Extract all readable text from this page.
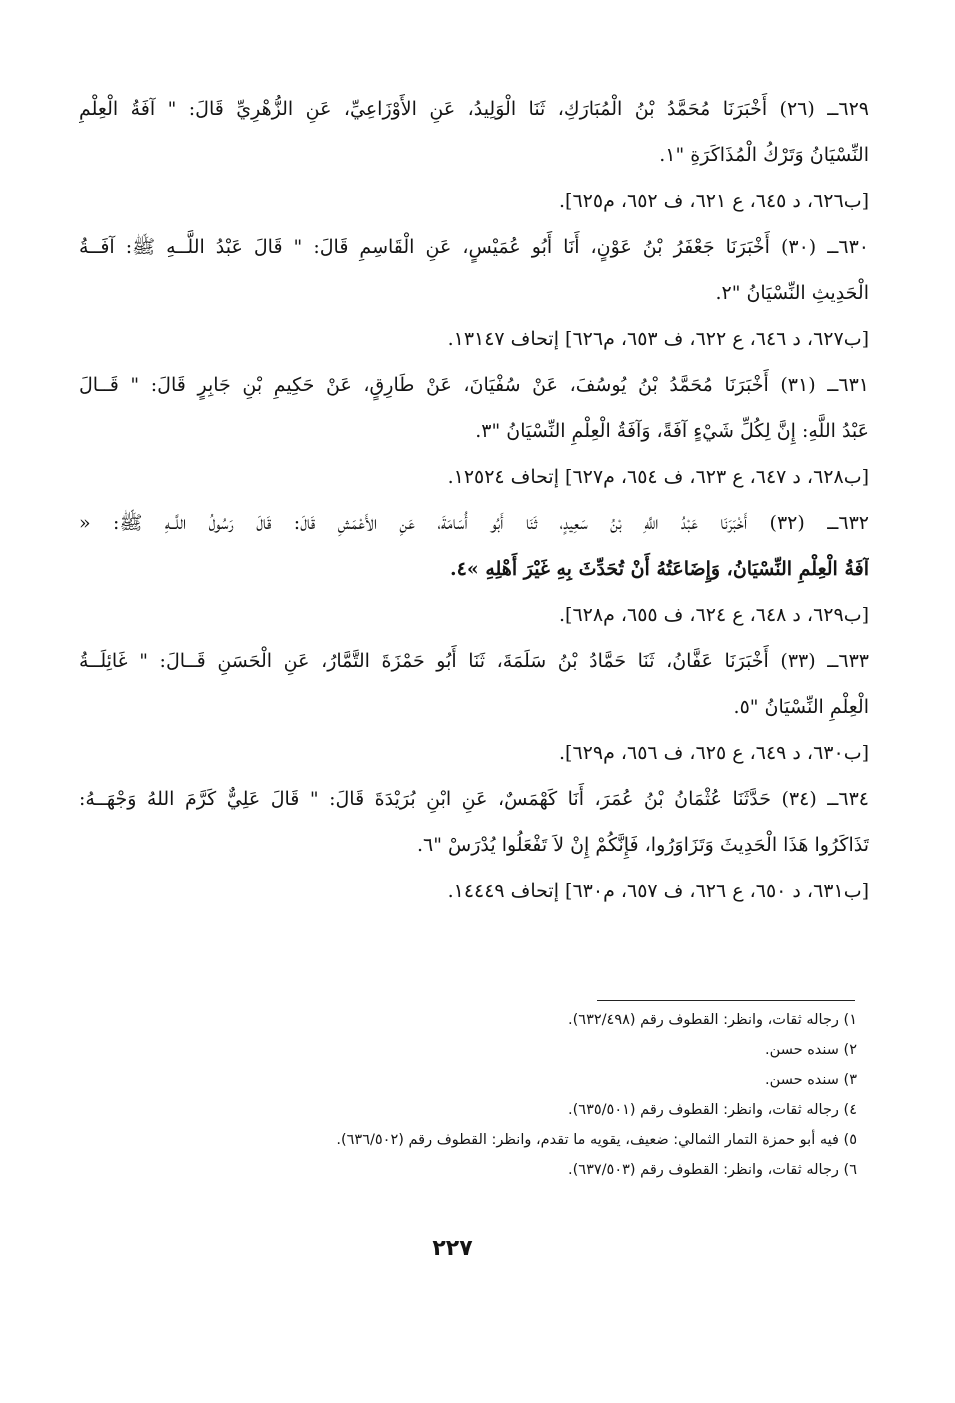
٦٢٩ــ (٢٦) أَخْبَرَنَا مُحَمَّدُ بْنُ الْمُبَارَكِ، ثَنَا الْوَلِيدُ، عَنِ الأَوْزَاعِيِّ، عَنِ الزُّهْرِيِّ قَالَ: " آفَةُ الْعِلْمِ
النِّسْيَانُ وَتَرْكُ الْمُذَاكَرَةِ "١.
[ب٦٢٦، د ٦٤٥، ع ٦٢١، ف ٦٥٢، م٦٢٥].
٦٣٠ــ (٣٠) أَخْبَرَنَا جَعْفَرُ بْنُ عَوْنٍ، أَنَا أَبُو عُمَيْسٍ، عَنِ الْقَاسِمِ قَالَ: " قَالَ عَبْدُ اللَّــهِ ﷺ: آفَــةُ
الْحَدِيثِ النِّسْيَانُ "٢.
[ب٦٢٧، د ٦٤٦، ع ٦٢٢، ف ٦٥٣، م٦٢٦] إتحاف ١٣١٤٧.
٦٣١ــ (٣١) أَخْبَرَنَا مُحَمَّدُ بْنُ يُوسُفَ، عَنْ سُفْيَانَ، عَنْ طَارِقٍ، عَنْ حَكِيمِ بْنِ جَابِرٍ قَالَ: " قَــالَ
عَبْدُ اللَّهِ: إِنَّ لِكُلِّ شَيْءٍ آفَةً، وَآفَةُ الْعِلْمِ النِّسْيَانُ "٣.
[ب٦٢٨، د ٦٤٧، ع ٦٢٣، ف ٦٥٤، م٦٢٧] إتحاف ١٢٥٢٤.
٦٣٢ــ (٣٢) أَخْبَرَنَا عَبْدُ اللَّهِ بْنُ سَعِيدٍ، ثَنَا أَبُو أُسَامَةَ، عَنِ الأَعْمَشِ قَالَ: قَالَ رَسُولُ اللَّــهِ ﷺ: «
آفَةُ الْعِلْمِ النِّسْيَانُ، وَإِضَاعَتُهُ أَنْ تُحَدِّثَ بِهِ غَيْرَ أَهْلِهِ »٤.
[ب٦٢٩، د ٦٤٨، ع ٦٢٤، ف ٦٥٥، م٦٢٨].
٦٣٣ــ (٣٣) أَخْبَرَنَا عَفَّانُ، ثَنَا حَمَّادُ بْنُ سَلَمَةَ، ثَنَا أَبُو حَمْزَةَ التَّمَّارُ، عَنِ الْحَسَنِ قَــالَ: " غَائِلَــةُ
الْعِلْمِ النِّسْيَانُ "٥.
[ب٦٣٠، د ٦٤٩، ع ٦٢٥، ف ٦٥٦، م٦٢٩].
٦٣٤ــ (٣٤) حَدَّثَنَا عُثْمَانُ بْنُ عُمَرَ، أَنَا كَهْمَسٌ، عَنِ ابْنِ بُرَيْدَةَ قَالَ: " قَالَ عَلِيٌّ كَرَّمَ اللهُ وَجْهَــهُ:
تَذَاكَرُوا هَذَا الْحَدِيثَ وَتَزَاوَرُوا، فَإِنَّكُمْ إِنْ لاَ تَفْعَلُوا يُدْرَسْ "٦.
[ب٦٣١، د ٦٥٠، ع ٦٢٦، ف ٦٥٧، م٦٣٠] إتحاف ١٤٤٤٩.
١) رجاله ثقات، وانظر: القطوف رقم (٦٣٢/٤٩٨).
٢) سنده حسن.
٣) سنده حسن.
٤) رجاله ثقات، وانظر: القطوف رقم (٦٣٥/٥٠١).
٥) فيه أبو حمزة التمار الثمالي: ضعيف، يقويه ما تقدم، وانظر: القطوف رقم (٦٣٦/٥٠٢).
٦) رجاله ثقات، وانظر: القطوف رقم (٦٣٧/٥٠٣).
٢٢٧
